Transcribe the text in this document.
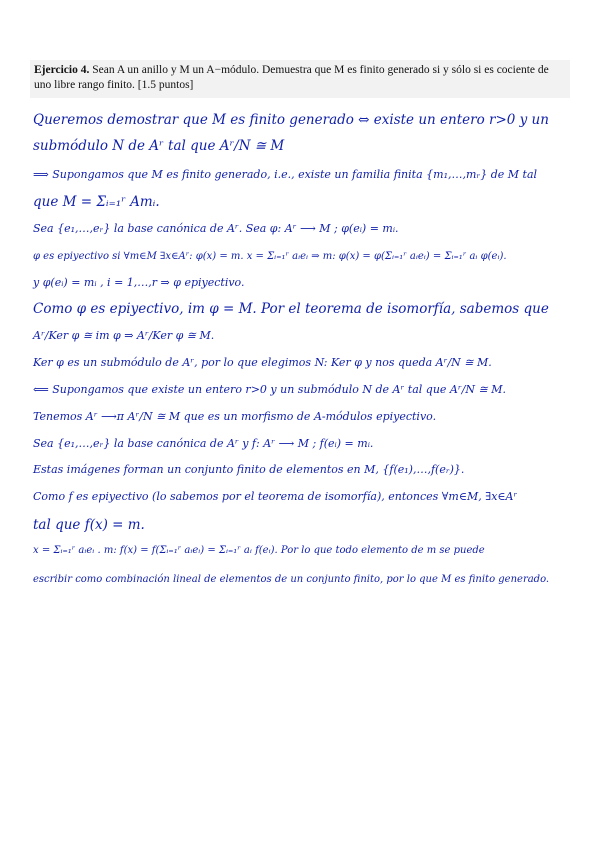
Ejercicio 4. Sean A un anillo y M un A−módulo. Demuestra que M es finito generado si y sólo si es cociente de uno libre rango finito. [1.5 puntos]
Queremos demostrar que M es finito generado ⇔ existe un entero r>0 y un
submódulo N de Aʳ tal que Aʳ/N ≅ M
⟹ Supongamos que M es finito generado, i.e., existe un familia finita {m₁,…,mᵣ} de M tal
que M = Σᵢ₌₁ʳ Amᵢ.
Sea {e₁,…,eᵣ} la base canónica de Aʳ. Sea φ: Aʳ ⟶ M ; φ(eᵢ) = mᵢ.
φ es epiyectivo si ∀m∈M ∃x∈Aʳ: φ(x) = m. x = Σᵢ₌₁ʳ aᵢeᵢ ⇒ m: φ(x) = φ(Σᵢ₌₁ʳ aᵢeᵢ) = Σᵢ₌₁ʳ aᵢ φ(eᵢ).
y φ(eᵢ) = mᵢ , i = 1,…,r ⇒ φ epiyectivo.
Como φ es epiyectivo, im φ = M. Por el teorema de isomorfía, sabemos que
Aʳ/Ker φ ≅ im φ ⇒ Aʳ/Ker φ ≅ M.
Ker φ es un submódulo de Aʳ, por lo que elegimos N: Ker φ y nos queda Aʳ/N ≅ M.
⟸ Supongamos que existe un entero r>0 y un submódulo N de Aʳ tal que Aʳ/N ≅ M.
Tenemos Aʳ ⟶π Aʳ/N ≅ M que es un morfismo de A-módulos epiyectivo.
Sea {e₁,…,eᵣ} la base canónica de Aʳ y f: Aʳ ⟶ M ; f(eᵢ) = mᵢ.
Estas imágenes forman un conjunto finito de elementos en M, {f(e₁),…,f(eᵣ)}.
Como f es epiyectivo (lo sabemos por el teorema de isomorfía), entonces ∀m∈M, ∃x∈Aʳ
tal que f(x) = m.
x = Σᵢ₌₁ʳ aᵢeᵢ . m: f(x) = f(Σᵢ₌₁ʳ aᵢeᵢ) = Σᵢ₌₁ʳ aᵢ f(eᵢ). Por lo que todo elemento de m se puede
escribir como combinación lineal de elementos de un conjunto finito, por lo que M es finito generado.
